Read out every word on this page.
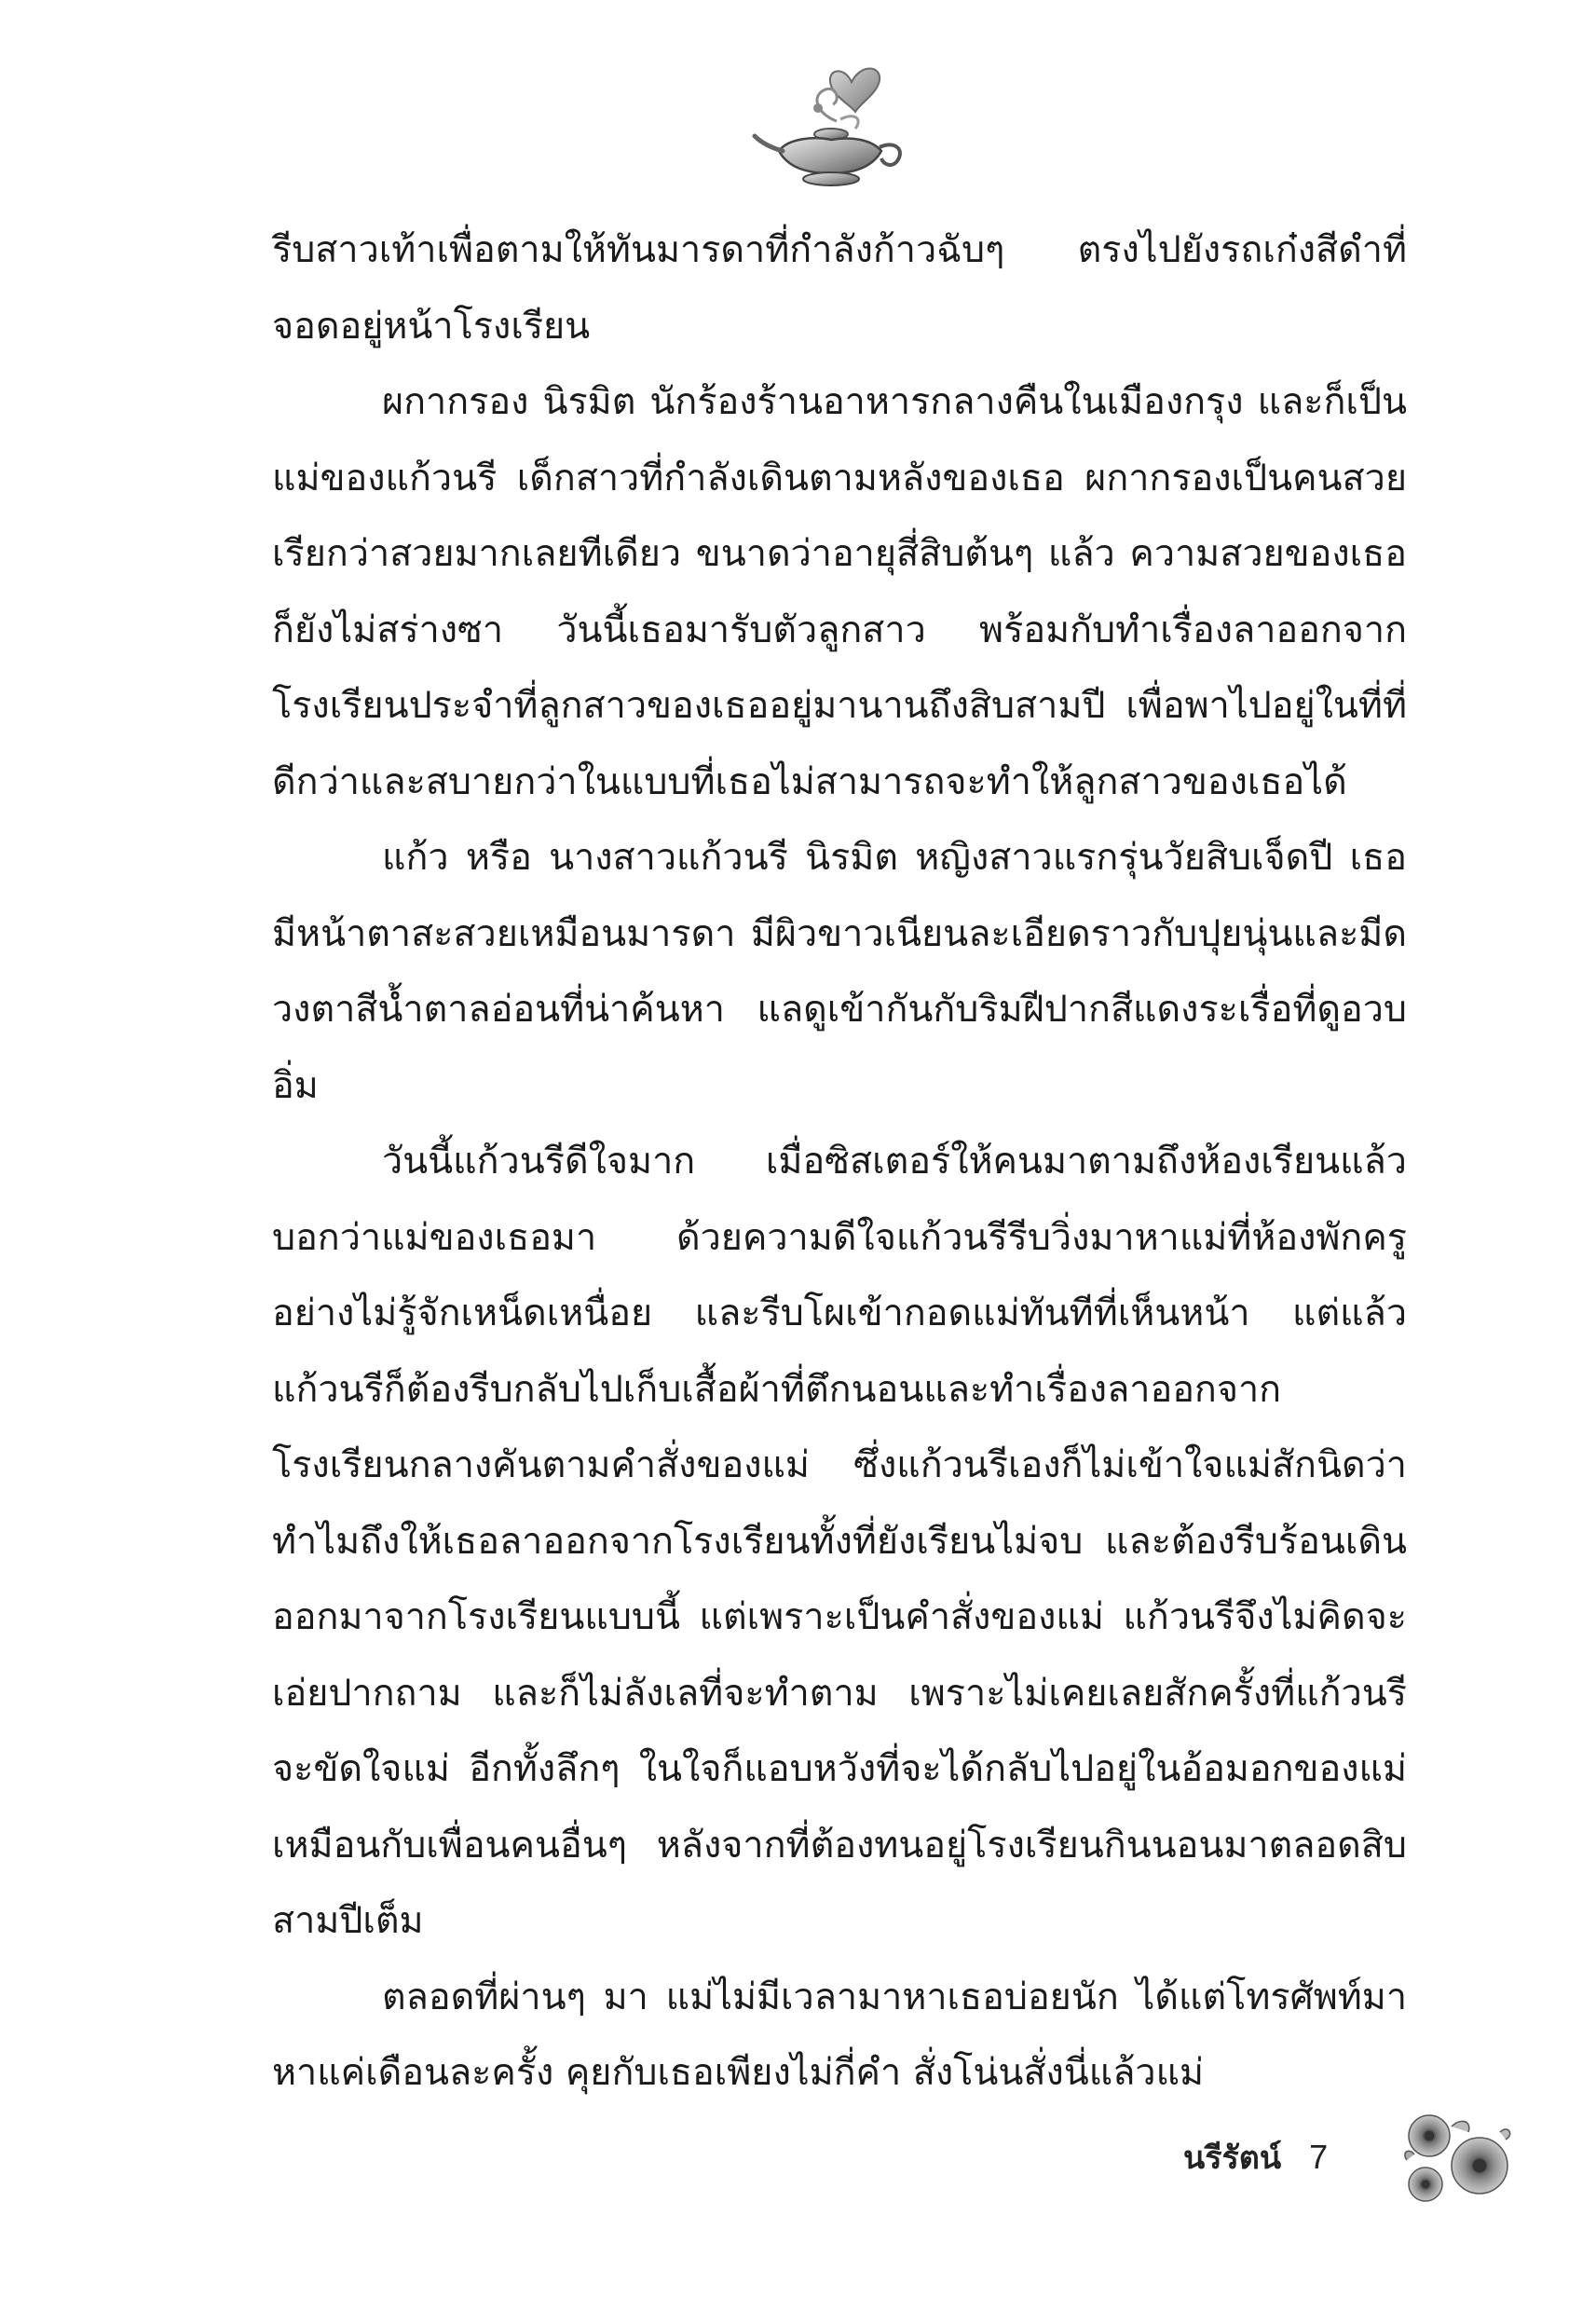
รีบสาวเท้าเพื่อตามให้ทันมารดาที่กำลังก้าวฉับๆ ตรงไปยังรถเก๋งสีดำที่จอดอยู่หน้าโรงเรียน

ผกากรอง นิรมิต นักร้องร้านอาหารกลางคืนในเมืองกรุง และก็เป็นแม่ของแก้วนรี เด็กสาวที่กำลังเดินตามหลังของเธอ ผกากรองเป็นคนสวย เรียกว่าสวยมากเลยทีเดียว ขนาดว่าอายุสี่สิบต้นๆ แล้ว ความสวยของเธอก็ยังไม่สร่างซา วันนี้เธอมารับตัวลูกสาว พร้อมกับทำเรื่องลาออกจากโรงเรียนประจำที่ลูกสาวของเธออยู่มานานถึงสิบสามปี เพื่อพาไปอยู่ในที่ที่ดีกว่าและสบายกว่าในแบบที่เธอไม่สามารถจะทำให้ลูกสาวของเธอได้

แก้ว หรือ นางสาวแก้วนรี นิรมิต หญิงสาวแรกรุ่นวัยสิบเจ็ดปี เธอมีหน้าตาสะสวยเหมือนมารดา มีผิวขาวเนียนละเอียดราวกับปุยนุ่นและมีดวงตาสีน้ำตาลอ่อนที่น่าค้นหา แลดูเข้ากันกับริมฝีปากสีแดงระเรื่อที่ดูอวบอิ่ม

วันนี้แก้วนรีดีใจมาก เมื่อซิสเตอร์ให้คนมาตามถึงห้องเรียนแล้วบอกว่าแม่ของเธอมา ด้วยความดีใจแก้วนรีรีบวิ่งมาหาแม่ที่ห้องพักครูอย่างไม่รู้จักเหน็ดเหนื่อย และรีบโผเข้ากอดแม่ทันทีที่เห็นหน้า แต่แล้วแก้วนรีก็ต้องรีบกลับไปเก็บเสื้อผ้าที่ตึกนอนและทำเรื่องลาออกจากโรงเรียนกลางคันตามคำสั่งของแม่ ซึ่งแก้วนรีเองก็ไม่เข้าใจแม่สักนิดว่าทำไมถึงให้เธอลาออกจากโรงเรียนทั้งที่ยังเรียนไม่จบ และต้องรีบร้อนเดินออกมาจากโรงเรียนแบบนี้ แต่เพราะเป็นคำสั่งของแม่ แก้วนรีจึงไม่คิดจะเอ่ยปากถาม และก็ไม่ลังเลที่จะทำตาม เพราะไม่เคยเลยสักครั้งที่แก้วนรีจะขัดใจแม่ อีกทั้งลึกๆ ในใจก็แอบหวังที่จะได้กลับไปอยู่ในอ้อมอกของแม่เหมือนกับเพื่อนคนอื่นๆ หลังจากที่ต้องทนอยู่โรงเรียนกินนอนมาตลอดสิบสามปีเต็ม

ตลอดที่ผ่านๆ มา แม่ไม่มีเวลามาหาเธอบ่อยนัก ได้แต่โทรศัพท์มาหาแค่เดือนละครั้ง คุยกับเธอเพียงไม่กี่คำ สั่งโน่นสั่งนี่แล้วแม่

นรีรัตน์ 7
